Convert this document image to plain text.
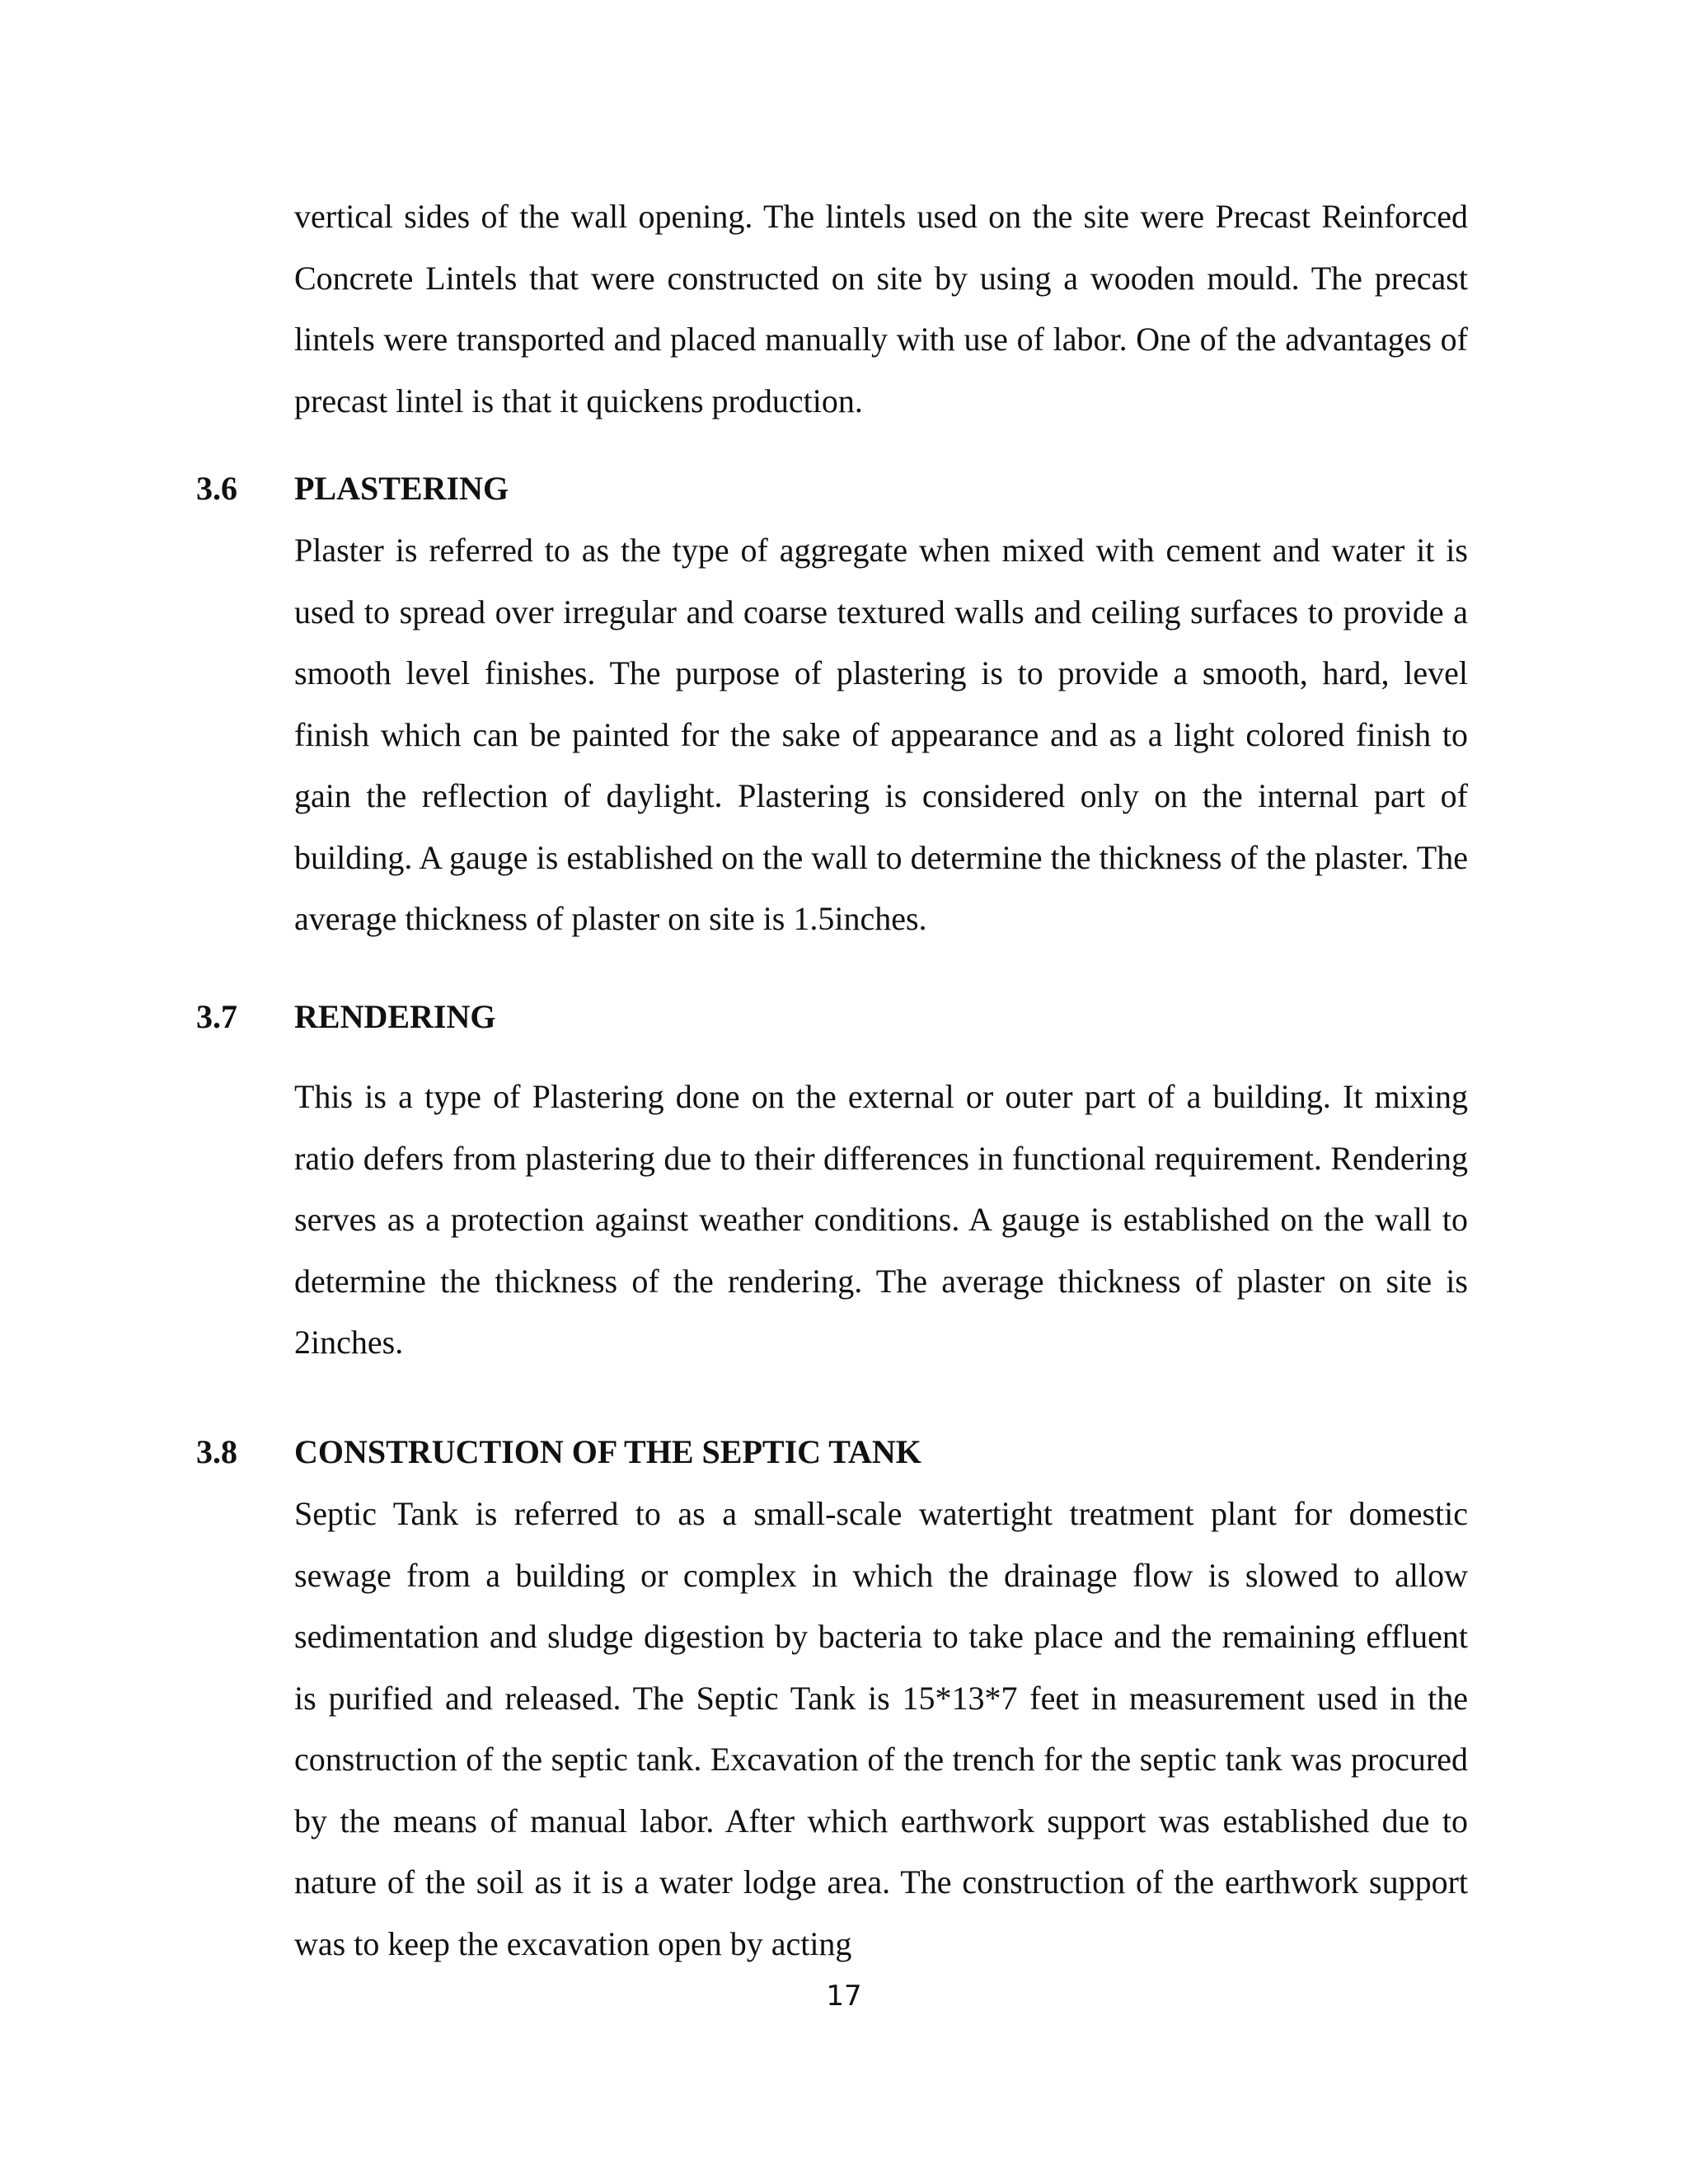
vertical sides of the wall opening. The lintels used on the site were Precast Reinforced Concrete Lintels that were constructed on site by using a wooden mould. The precast lintels were transported and placed manually with use of labor. One of the advantages of precast lintel is that it quickens production.

3.6 PLASTERING

Plaster is referred to as the type of aggregate when mixed with cement and water it is used to spread over irregular and coarse textured walls and ceiling surfaces to provide a smooth level finishes. The purpose of plastering is to provide a smooth, hard, level finish which can be painted for the sake of appearance and as a light colored finish to gain the reflection of daylight. Plastering is considered only on the internal part of building. A gauge is established on the wall to determine the thickness of the plaster. The average thickness of plaster on site is 1.5inches.

3.7 RENDERING

This is a type of Plastering done on the external or outer part of a building. It mixing ratio defers from plastering due to their differences in functional requirement. Rendering serves as a protection against weather conditions. A gauge is established on the wall to determine the thickness of the rendering. The average thickness of plaster on site is 2inches.

3.8 CONSTRUCTION OF THE SEPTIC TANK

Septic Tank is referred to as a small-scale watertight treatment plant for domestic sewage from a building or complex in which the drainage flow is slowed to allow sedimentation and sludge digestion by bacteria to take place and the remaining effluent is purified and released. The Septic Tank is 15*13*7 feet in measurement used in the construction of the septic tank. Excavation of the trench for the septic tank was procured by the means of manual labor. After which earthwork support was established due to nature of the soil as it is a water lodge area. The construction of the earthwork support was to keep the excavation open by acting

17
